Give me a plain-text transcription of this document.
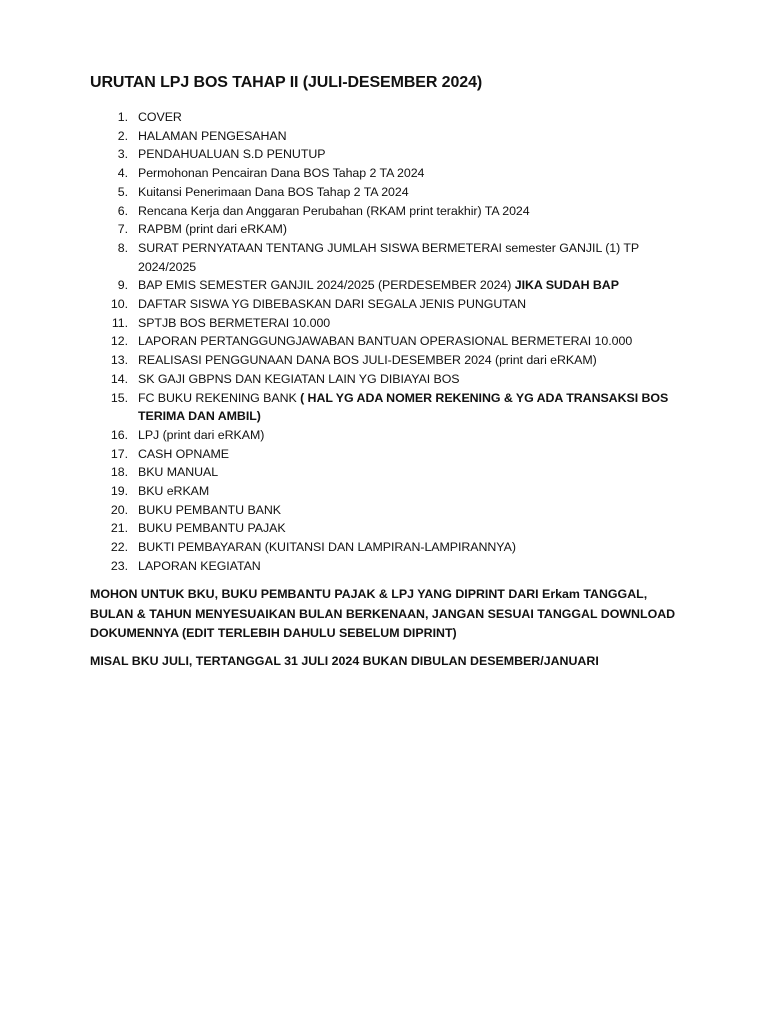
URUTAN LPJ BOS TAHAP II (JULI-DESEMBER 2024)
1. COVER
2. HALAMAN PENGESAHAN
3. PENDAHUALUAN S.D PENUTUP
4. Permohonan Pencairan Dana BOS Tahap 2 TA 2024
5. Kuitansi Penerimaan Dana BOS Tahap 2 TA 2024
6. Rencana Kerja dan Anggaran Perubahan (RKAM print terakhir) TA 2024
7. RAPBM (print dari eRKAM)
8. SURAT PERNYATAAN TENTANG JUMLAH SISWA BERMETERAI semester GANJIL (1) TP 2024/2025
9. BAP EMIS SEMESTER GANJIL 2024/2025 (PERDESEMBER 2024) JIKA SUDAH BAP
10. DAFTAR SISWA YG DIBEBASKAN DARI SEGALA JENIS PUNGUTAN
11. SPTJB BOS BERMETERAI 10.000
12. LAPORAN PERTANGGUNGJAWABAN BANTUAN OPERASIONAL BERMETERAI 10.000
13. REALISASI PENGGUNAAN DANA BOS JULI-DESEMBER 2024 (print dari eRKAM)
14. SK GAJI GBPNS DAN KEGIATAN LAIN YG DIBIAYAI BOS
15. FC BUKU REKENING BANK ( HAL YG ADA NOMER REKENING & YG ADA TRANSAKSI BOS TERIMA DAN AMBIL)
16. LPJ (print dari eRKAM)
17. CASH OPNAME
18. BKU MANUAL
19. BKU eRKAM
20. BUKU PEMBANTU BANK
21. BUKU PEMBANTU PAJAK
22. BUKTI PEMBAYARAN (KUITANSI DAN LAMPIRAN-LAMPIRANNYA)
23. LAPORAN KEGIATAN
MOHON UNTUK BKU, BUKU PEMBANTU PAJAK & LPJ YANG DIPRINT DARI Erkam TANGGAL, BULAN & TAHUN MENYESUAIKAN BULAN BERKENAAN, JANGAN SESUAI TANGGAL DOWNLOAD DOKUMENNYA (EDIT TERLEBIH DAHULU SEBELUM DIPRINT)
MISAL BKU JULI, TERTANGGAL 31 JULI 2024 BUKAN DIBULAN DESEMBER/JANUARI
